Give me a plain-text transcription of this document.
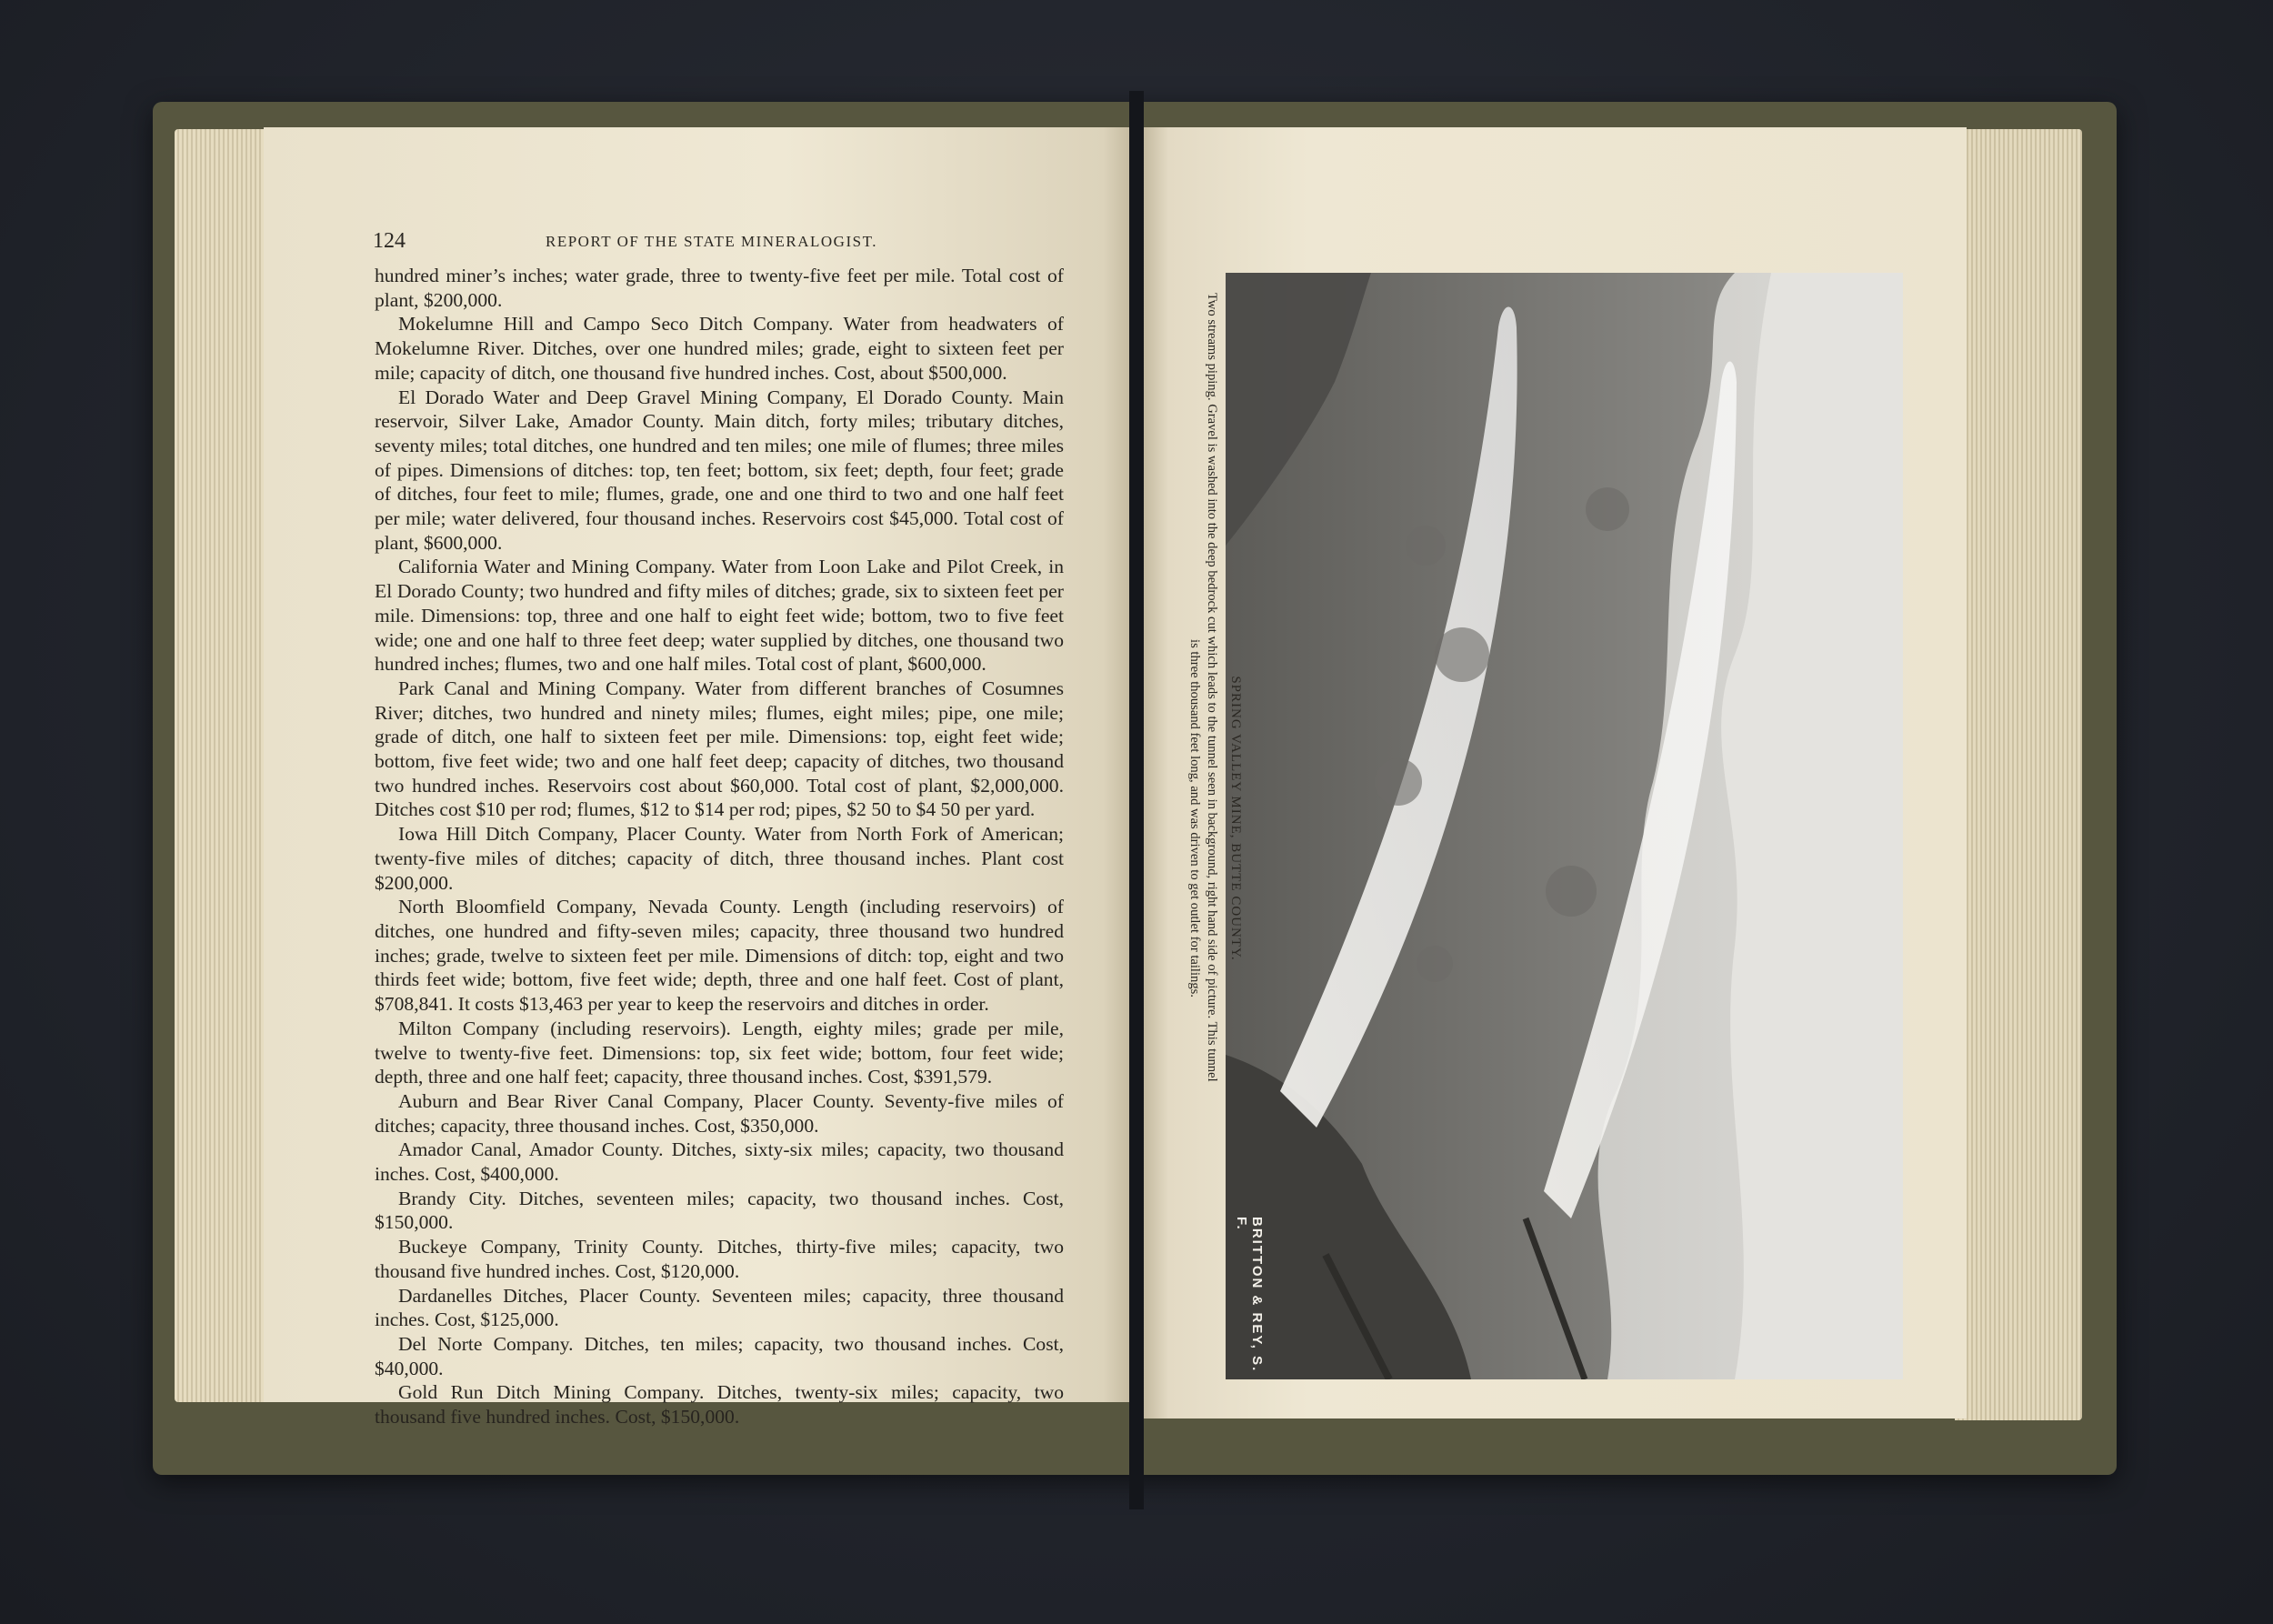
124	REPORT OF THE STATE MINERALOGIST.

hundred miner’s inches; water grade, three to twenty-five feet per mile. Total cost of plant, $200,000.

Mokelumne Hill and Campo Seco Ditch Company. Water from headwaters of Mokelumne River. Ditches, over one hundred miles; grade, eight to sixteen feet per mile; capacity of ditch, one thousand five hundred inches. Cost, about $500,000.

El Dorado Water and Deep Gravel Mining Company, El Dorado County. Main reservoir, Silver Lake, Amador County. Main ditch, forty miles; tributary ditches, seventy miles; total ditches, one hundred and ten miles; one mile of flumes; three miles of pipes. Dimensions of ditches: top, ten feet; bottom, six feet; depth, four feet; grade of ditches, four feet to mile; flumes, grade, one and one third to two and one half feet per mile; water delivered, four thousand inches. Reservoirs cost $45,000. Total cost of plant, $600,000.

California Water and Mining Company. Water from Loon Lake and Pilot Creek, in El Dorado County; two hundred and fifty miles of ditches; grade, six to sixteen feet per mile. Dimensions: top, three and one half to eight feet wide; bottom, two to five feet wide; one and one half to three feet deep; water supplied by ditches, one thousand two hundred inches; flumes, two and one half miles. Total cost of plant, $600,000.

Park Canal and Mining Company. Water from different branches of Cosumnes River; ditches, two hundred and ninety miles; flumes, eight miles; pipe, one mile; grade of ditch, one half to sixteen feet per mile. Dimensions: top, eight feet wide; bottom, five feet wide; two and one half feet deep; capacity of ditches, two thousand two hundred inches. Reservoirs cost about $60,000. Total cost of plant, $2,000,000. Ditches cost $10 per rod; flumes, $12 to $14 per rod; pipes, $2 50 to $4 50 per yard.

Iowa Hill Ditch Company, Placer County. Water from North Fork of American; twenty-five miles of ditches; capacity of ditch, three thousand inches. Plant cost $200,000.

North Bloomfield Company, Nevada County. Length (including reservoirs) of ditches, one hundred and fifty-seven miles; capacity, three thousand two hundred inches; grade, twelve to sixteen feet per mile. Dimensions of ditch: top, eight and two thirds feet wide; bottom, five feet wide; depth, three and one half feet. Cost of plant, $708,841. It costs $13,463 per year to keep the reservoirs and ditches in order.

Milton Company (including reservoirs). Length, eighty miles; grade per mile, twelve to twenty-five feet. Dimensions: top, six feet wide; bottom, four feet wide; depth, three and one half feet; capacity, three thousand inches. Cost, $391,579.

Auburn and Bear River Canal Company, Placer County. Seventy-five miles of ditches; capacity, three thousand inches. Cost, $350,000.

Amador Canal, Amador County. Ditches, sixty-six miles; capacity, two thousand inches. Cost, $400,000.

Brandy City. Ditches, seventeen miles; capacity, two thousand inches. Cost, $150,000.

Buckeye Company, Trinity County. Ditches, thirty-five miles; capacity, two thousand five hundred inches. Cost, $120,000.

Dardanelles Ditches, Placer County. Seventeen miles; capacity, three thousand inches. Cost, $125,000.

Del Norte Company. Ditches, ten miles; capacity, two thousand inches. Cost, $40,000.

Gold Run Ditch Mining Company. Ditches, twenty-six miles; capacity, two thousand five hundred inches. Cost, $150,000.

BRITTON & REY, S. F.
SPRING VALLEY MINE, BUTTE COUNTY.
Two streams piping. Gravel is washed into the deep bedrock cut which leads to the tunnel seen in background, right hand side of picture. This tunnel
is three thousand feet long, and was driven to get outlet for tailings.
